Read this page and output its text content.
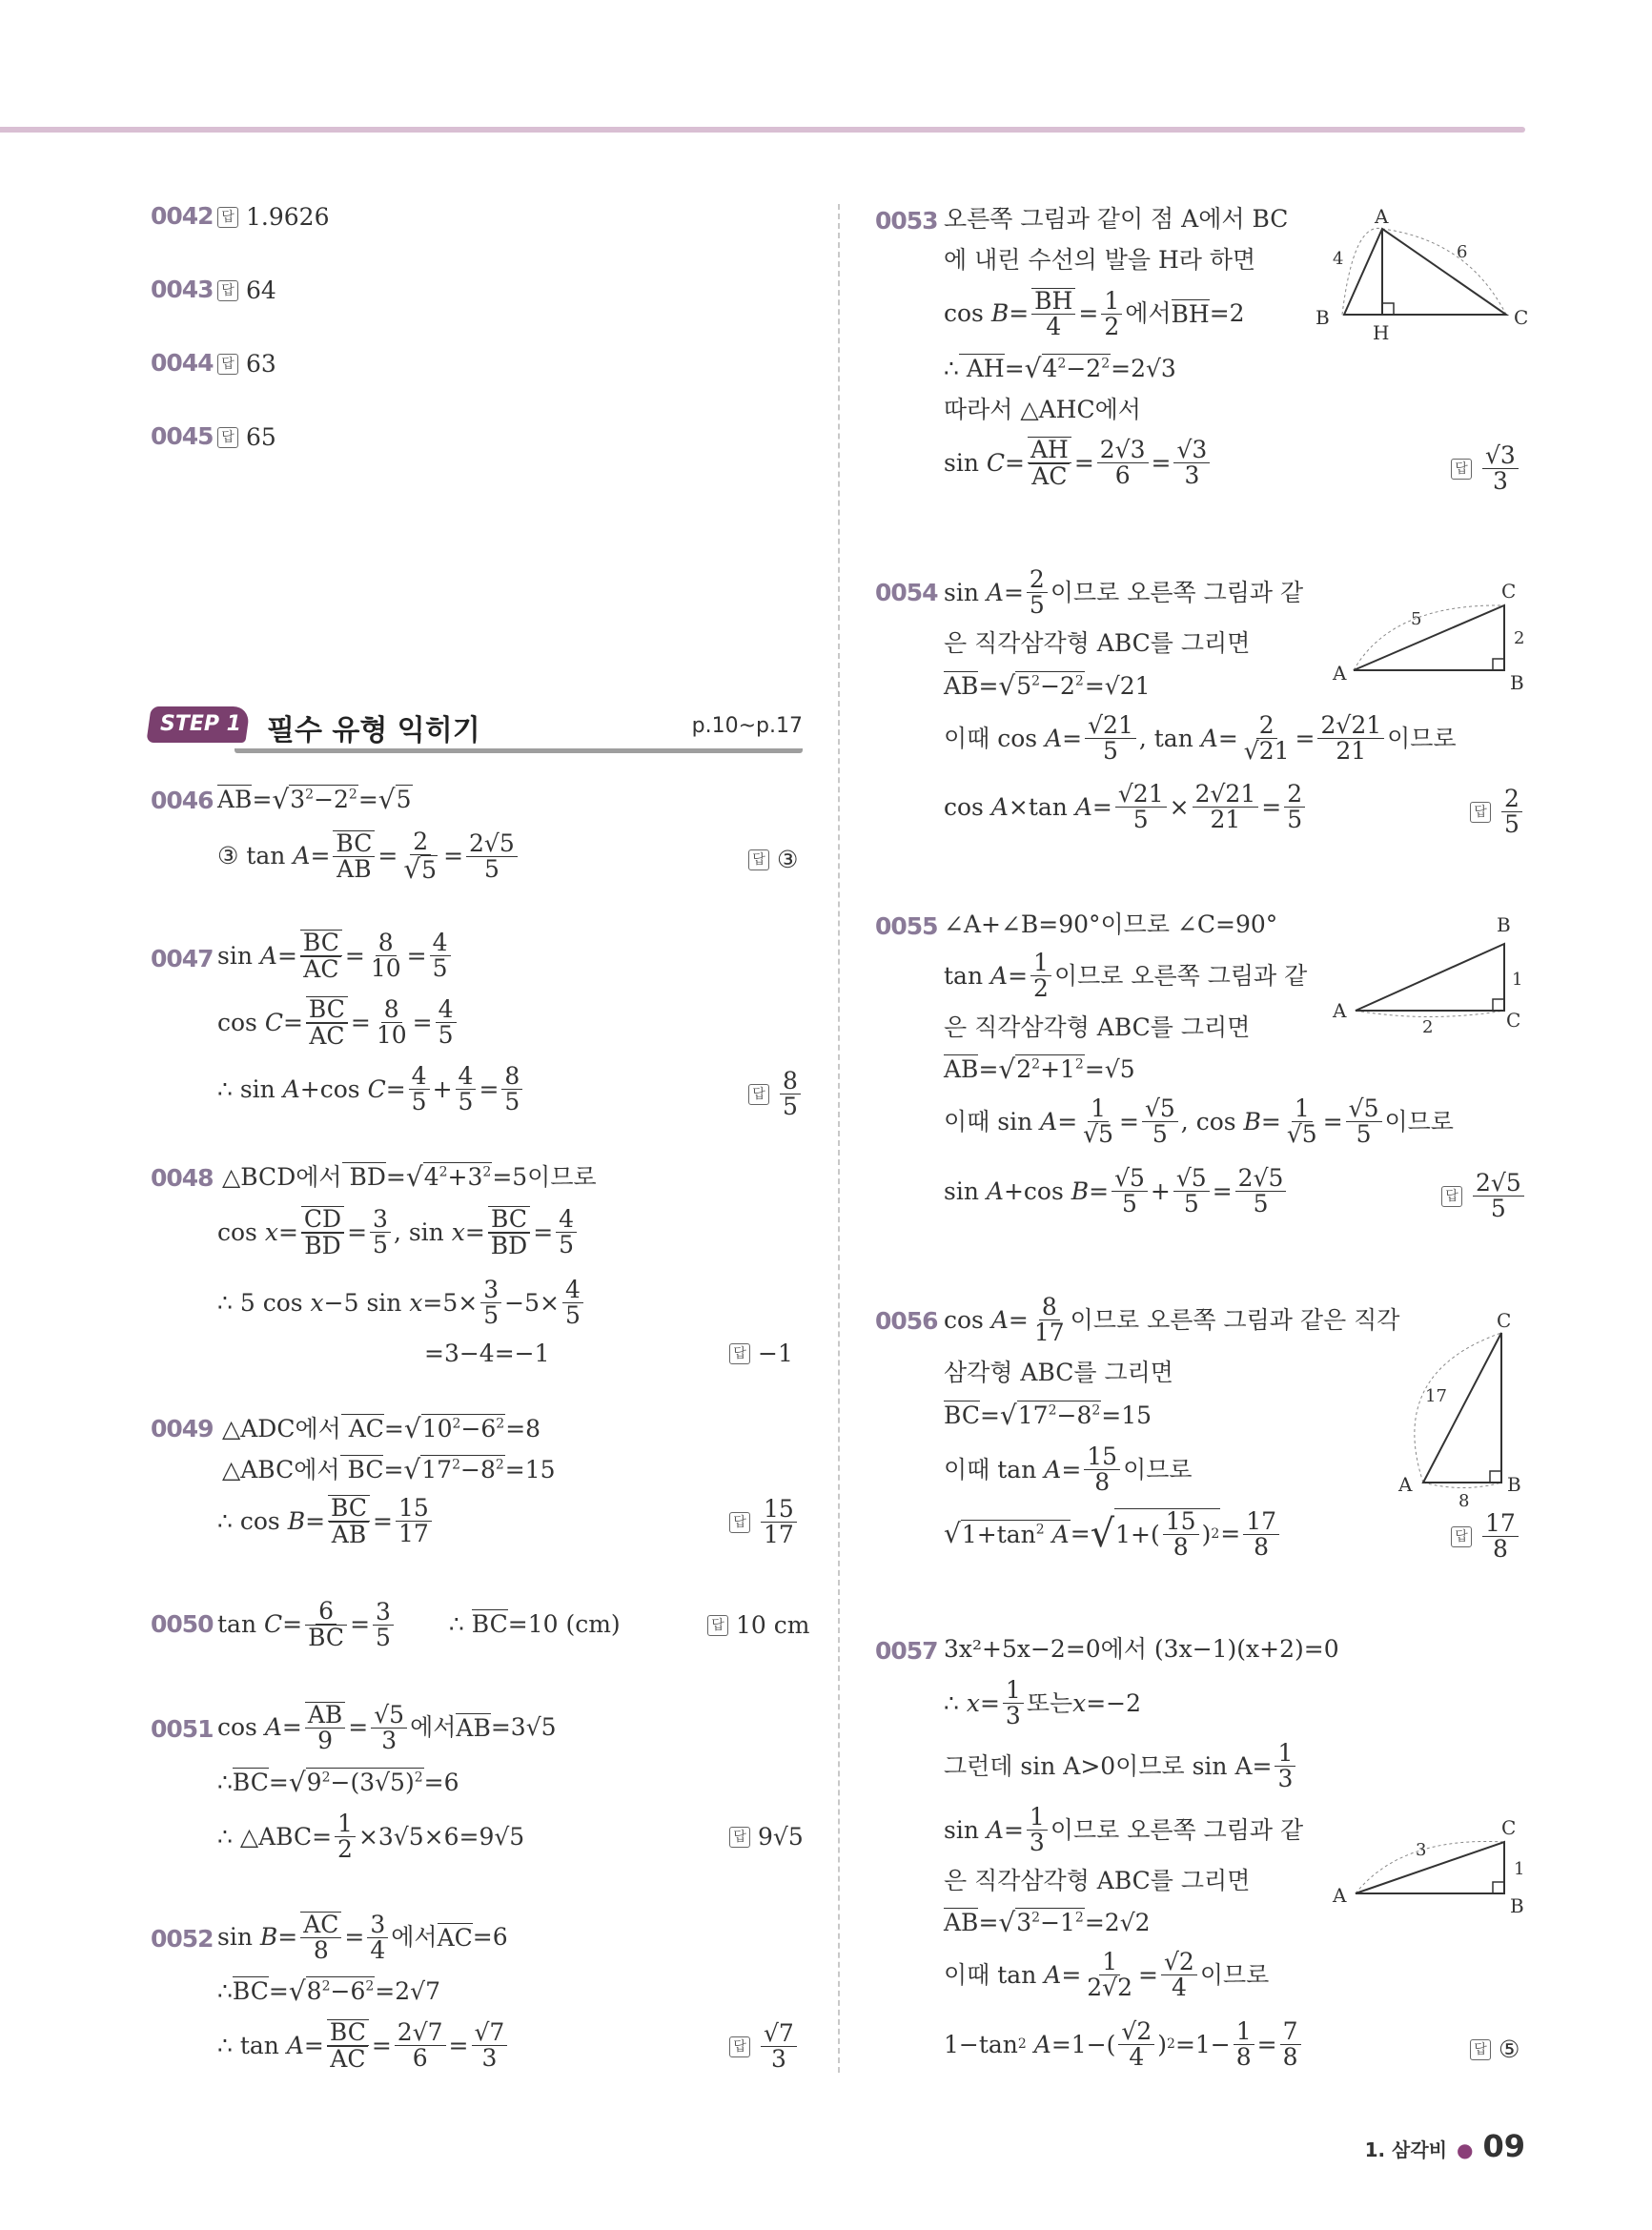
0042 답 1.9626
0043 답 64
0044 답 63
0045 답 65
STEP 1 필수 유형 익히기	p.10~p.17
0046 AB = √ $3^2-2^2$ = √ 5
③ $\tan A = \frac{BC}{AB} = \frac{2}{√5} = \frac{2√5}{5}$	답 ③
0047 $\sin A = \frac{BC}{AC} = \frac{8}{10} = \frac{4}{5}$
$\cos C = \frac{BC}{AC} = \frac{8}{10} = \frac{4}{5}$
∴ sin A +cos $C = \frac{4}{5} + \frac{4}{5} = \frac{8}{5}$	답 $\frac{8}{5}$
0048 △BCD에서 BD = √ $4^2+3^2 =5$이므로
$\cos x = \frac{CD}{BD} = \frac{3}{5}$ , $\sin x = \frac{BC}{BD} = \frac{4}{5}$
∴ 5 cos x −5 $\sin x =5\times \frac{3}{5} -5\times \frac{4}{5}$
=3−4=−1	답 −1
0049 △ADC에서 AC = √ $10^2-6^2 =8$
△ABC에서 BC = √ $17^2-8^2 =15$
∴ $\cos B = \frac{BC}{AB} = \frac{15}{17}$	답 $\frac{15}{17}$
0050 $\tan C = \frac{6}{BC} = \frac{3}{5}$ ∴ BC=10 (cm)	답 10 cm
0051 $\cos A = \frac{AB}{9} = \frac{√5}{3}$ 에서 AB =3√5
∴ BC = √ $9^2-(3√5)^2 =6$
∴ △ABC= $\frac{1}{2} \times 3√5\times 6=9√5$	답 9√5
0052 $\sin B = \frac{AC}{8} = \frac{3}{4}$ 에서 AC =6
∴ BC = √ $8^2-6^2 =2√7$
∴ $\tan A = \frac{BC}{AC} = \frac{2√7}{6} = \frac{√7}{3}$	답 $\frac{√7}{3}$
0053 오른쪽 그림과 같이 점 A에서 BC
에 내린 수선의 발을 H라 하면
$\cos B = \frac{BH}{4} = \frac{1}{2}$ 에서 BH =2
∴ AH = √ $4^2-2^2 =2√3$
따라서 △AHC에서
$\sin C = \frac{AH}{AC} = \frac{2√3}{6} = \frac{√3}{3}$	답 $\frac{√3}{3}$
A
B	C
H
4	6
0054 $\sin A = \frac{2}{5}$ 이므로 오른쪽 그림과 같
은 직각삼각형 ABC를 그리면
AB = √ $5^2-2^2 =√21$
이때 $\cos A = \frac{√21}{5}$ , $\tan A = \frac{2}{√21} = \frac{2√21}{21}$ 이므로
cos A ×tan $A = \frac{√21}{5} \times \frac{2√21}{21} = \frac{2}{5}$	답 $\frac{2}{5}$
C
A	B
5
2
0055 ∠A+∠B=90°이므로 ∠C=90°
$\tan A = \frac{1}{2}$ 이므로 오른쪽 그림과 같
은 직각삼각형 ABC를 그리면
AB = √ $2^2+1^2 =√5$
이때 $\sin A = \frac{1}{√5} = \frac{√5}{5}$ , $\cos B = \frac{1}{√5} = \frac{√5}{5}$ 이므로
sin A +cos $B = \frac{√5}{5} + \frac{√5}{5} = \frac{2√5}{5}$	답 $\frac{2√5}{5}$
B
A	C
1
2
0056 $\cos A = \frac{8}{17}$ 이므로 오른쪽 그림과 같은 직각
삼각형 ABC를 그리면
BC = √ $17^2-8^2 =15$
이때 $\tan A = \frac{15}{8}$ 이므로
√ $1+\tan^2$ A = √ $1+( \frac{15}{8}$ ) $2 = \frac{17}{8}$	답 $\frac{17}{8}$
C
A	B
17
8
0057 3x²+5x−2=0에서 (3x−1)(x+2)=0
∴ $x = \frac{1}{3}$ 또는 x =−2
그런데 sin A>0이므로 $\sin A= \frac{1}{3}$
$\sin A = \frac{1}{3}$ 이므로 오른쪽 그림과 같
은 직각삼각형 ABC를 그리면
AB = √ $3^2-1^2 =2√2$
이때 $\tan A = \frac{1}{2√2} = \frac{√2}{4}$ 이므로
1−tan 2 $A =1-( \frac{√2}{4}$ ) $2 =1- \frac{1}{8} = \frac{7}{8}$	답 ⑤
C
A	B
3
1
1. 삼각비 ● 09
